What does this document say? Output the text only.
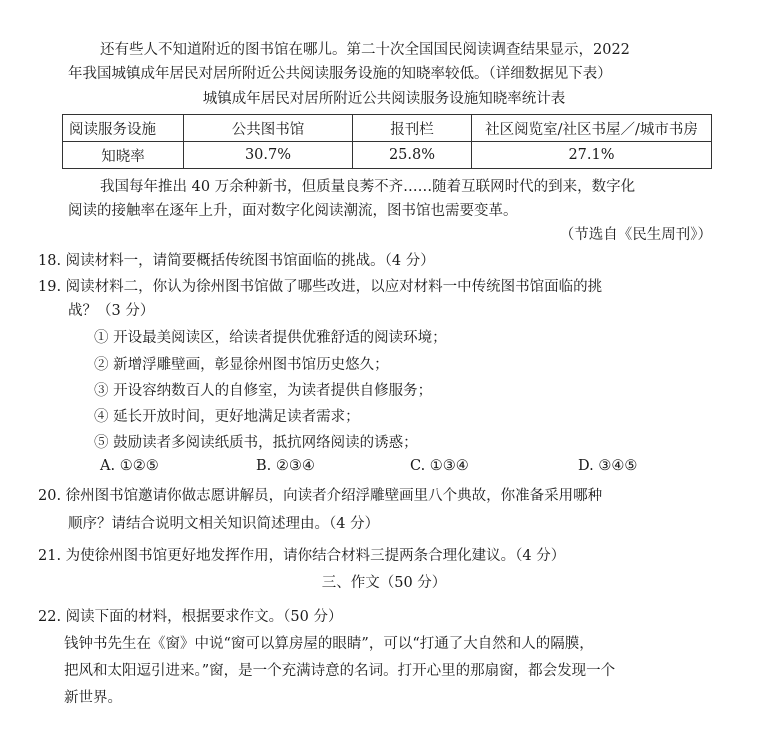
还有些人不知道附近的图书馆在哪儿。第二十次全国国民阅读调查结果显示，2022
年我国城镇成年居民对居所附近公共阅读服务设施的知晓率较低。（详细数据见下表）
城镇成年居民对居所附近公共阅读服务设施知晓率统计表
阅读服务设施	公共图书馆	报刊栏	社区阅览室/社区书屋／/城市书房
知晓率	30.7%	25.8%	27.1%
我国每年推出 40 万余种新书，但质量良莠不齐……随着互联网时代的到来，数字化
阅读的接触率在逐年上升，面对数字化阅读潮流，图书馆也需要变革。
（节选自《民生周刊》）
18. 阅读材料一，请简要概括传统图书馆面临的挑战。（4 分）
19. 阅读材料二，你认为徐州图书馆做了哪些改进，以应对材料一中传统图书馆面临的挑
战？（3 分）
① 开设最美阅读区，给读者提供优雅舒适的阅读环境；
② 新增浮雕壁画，彰显徐州图书馆历史悠久；
③ 开设容纳数百人的自修室，为读者提供自修服务；
④ 延长开放时间，更好地满足读者需求；
⑤ 鼓励读者多阅读纸质书，抵抗网络阅读的诱惑；
A. ①②⑤	B. ②③④	C. ①③④	D. ③④⑤
20. 徐州图书馆邀请你做志愿讲解员，向读者介绍浮雕壁画里八个典故，你准备采用哪种
顺序？请结合说明文相关知识简述理由。（4 分）
21. 为使徐州图书馆更好地发挥作用，请你结合材料三提两条合理化建议。（4 分）
三、作文（50 分）
22. 阅读下面的材料，根据要求作文。（50 分）
钱钟书先生在《窗》中说“窗可以算房屋的眼睛”，可以“打通了大自然和人的隔膜，
把风和太阳逗引进来。”窗，是一个充满诗意的名词。打开心里的那扇窗，都会发现一个
新世界。
